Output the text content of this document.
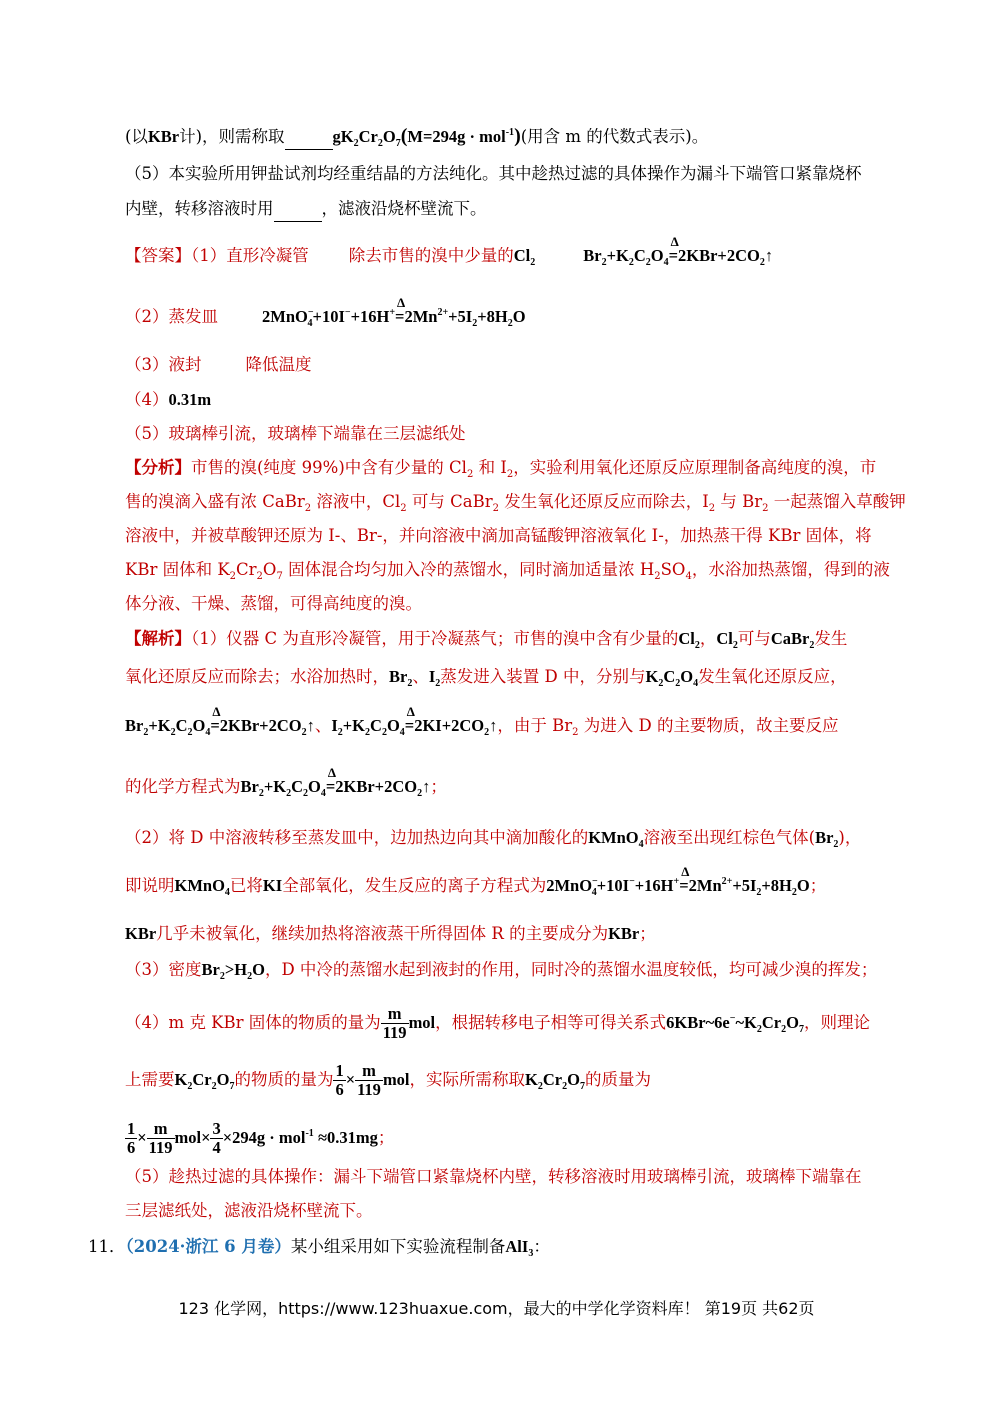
(以KBr计)，则需称取	$gK_2Cr_2O_7(M=294g \cdot mol^{-1})$(用含 m 的代数式表示)。
（5）本实验所用钾盐试剂均经重结晶的方法纯化。其中趁热过滤的具体操作为漏斗下端管口紧靠烧杯
内壁，转移溶液时用	，滤液沿烧杯壁流下。
【答案】（1）直形冷凝管 除去市售的溴中少量的$Cl_2$	$Br_2+K_2C_2O_4$
Δ
$=2KBr+2CO_2↑$
（2）蒸发皿	2MnO−$_4$+10I−+16H+
Δ
$=2Mn^{2+}+5I_2+8H_2O$
（3）液封	降低温度
（4）0.31m
（5）玻璃棒引流，玻璃棒下端靠在三层滤纸处
【分析】市售的溴(纯度 99%)中含有少量的 $Cl_2$ 和 $I_2$，实验利用氧化还原反应原理制备高纯度的溴，市
售的溴滴入盛有浓 CaBr$_2$ 溶液中，$Cl_2$ 可与 CaBr$_2$ 发生氧化还原反应而除去，$I_2$ 与 $Br_2$ 一起蒸馏入草酸钾
溶液中，并被草酸钾还原为 I-、Br-，并向溶液中滴加高锰酸钾溶液氧化 I-，加热蒸干得 KBr 固体，将
KBr 固体和 $K_2Cr_2O_7$ 固体混合均匀加入冷的蒸馏水，同时滴加适量浓 $H_2SO_4$，水浴加热蒸馏，得到的液
体分液、干燥、蒸馏，可得高纯度的溴。
【解析】（1）仪器 C 为直形冷凝管，用于冷凝蒸气；市售的溴中含有少量的$Cl_2$，$Cl_2$可与CaBr$_2$发生
氧化还原反应而除去；水浴加热时，$Br_2$、$I_2$蒸发进入装置 D 中，分别与$K_2C_2O_4$发生氧化还原反应，
$Br_2+K_2C_2O_4$
Δ
$=2KBr+2CO_2↑$、$I_2+K_2C_2O_4$
Δ
$=2KI+2CO_2↑$，由于 $Br_2$ 为进入 D 的主要物质，故主要反应
的化学方程式为$Br_2+K_2C_2O_4$
Δ
$=2KBr+2CO_2↑$；
（2）将 D 中溶液转移至蒸发皿中，边加热边向其中滴加酸化的KMnO$_4$溶液至出现红棕色气体$(Br_2)$，
即说明KMnO$_4$已将KI全部氧化，发生反应的离子方程式为2MnO−$_4$+10I−+16H+
Δ
$=2Mn^{2+}+5I_2+8H_2O$；
KBr几乎未被氧化，继续加热将溶液蒸干所得固体 R 的主要成分为KBr；
（3）密度$Br_2>H_2O$，D 中冷的蒸馏水起到液封的作用，同时冷的蒸馏水温度较低，均可减少溴的挥发；
（4）m 克 KBr 固体的物质的量为 $\frac{m}{119}$ mol，根据转移电子相等可得关系式$6KBr\sim 6e^-\sim K_2Cr_2O_7$，则理论
上需要$K_2Cr_2O_7$的物质的量为 $\frac{1}{6} \times \frac{m}{119}$ mol，实际所需称取$K_2Cr_2O_7$的质量为
$\frac{1}{6} \times \frac{m}{119} mol\times \frac{3}{4} \times 294g \cdot mol^{-1} \approx 0.31mg$；
（5）趁热过滤的具体操作：漏斗下端管口紧靠烧杯内壁，转移溶液时用玻璃棒引流，玻璃棒下端靠在
三层滤纸处，滤液沿烧杯壁流下。
11．（2024·浙江 6 月卷）某小组采用如下实验流程制备AlI$_3$：
123 化学网，https://www.123huaxue.com，最大的中学化学资料库！ 第19页 共62页
